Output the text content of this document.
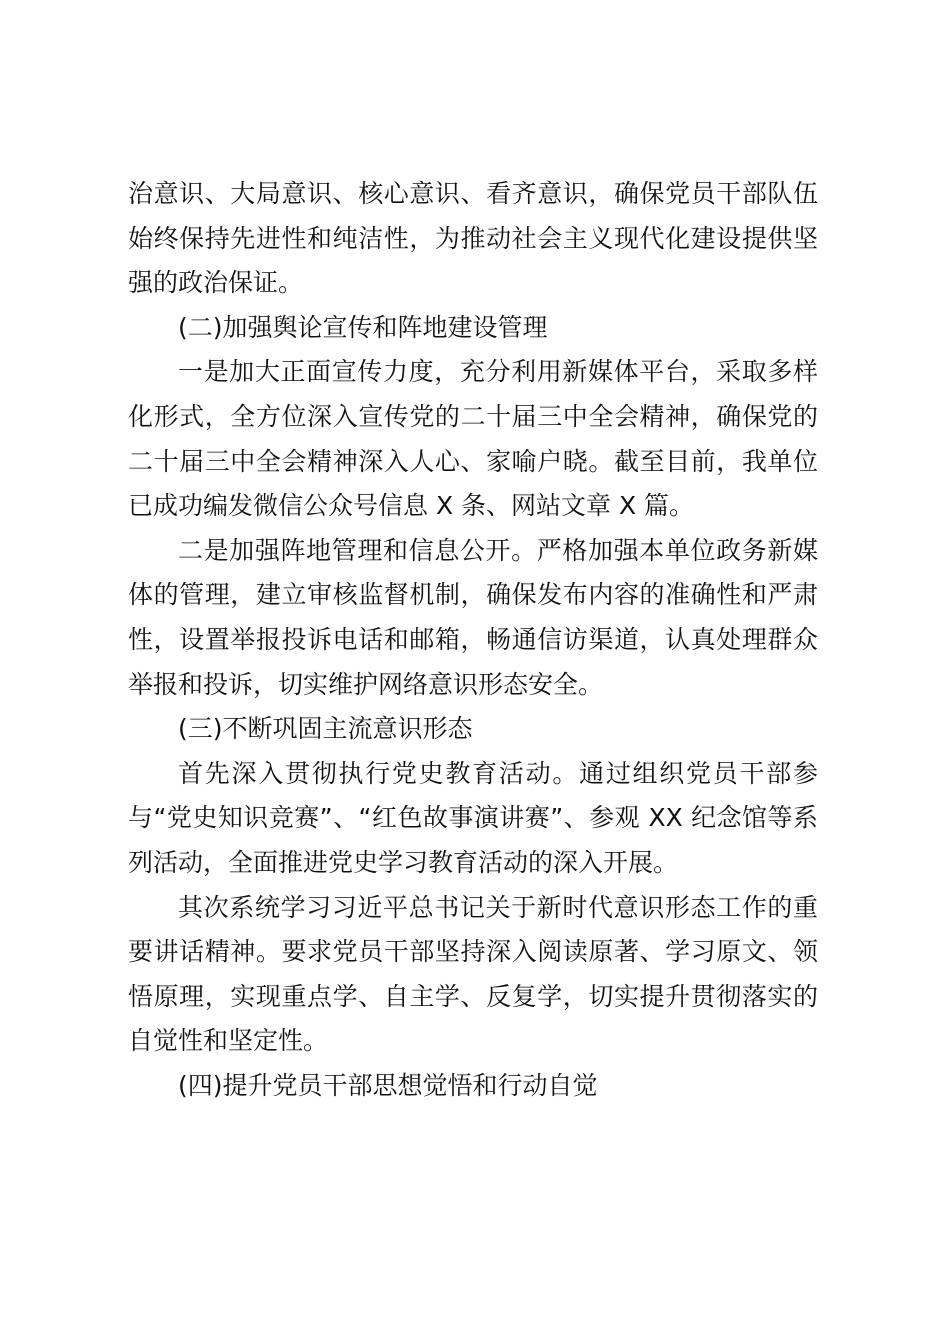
治意识、大局意识、核心意识、看齐意识，确保党员干部队伍始终保持先进性和纯洁性，为推动社会主义现代化建设提供坚强的政治保证。

(二)加强舆论宣传和阵地建设管理

一是加大正面宣传力度，充分利用新媒体平台，采取多样化形式，全方位深入宣传党的二十届三中全会精神，确保党的二十届三中全会精神深入人心、家喻户晓。截至目前，我单位已成功编发微信公众号信息 X 条、网站文章 X 篇。

二是加强阵地管理和信息公开。严格加强本单位政务新媒体的管理，建立审核监督机制，确保发布内容的准确性和严肃性，设置举报投诉电话和邮箱，畅通信访渠道，认真处理群众举报和投诉，切实维护网络意识形态安全。

(三)不断巩固主流意识形态

首先深入贯彻执行党史教育活动。通过组织党员干部参与“党史知识竞赛”、“红色故事演讲赛”、参观 XX 纪念馆等系列活动，全面推进党史学习教育活动的深入开展。

其次系统学习习近平总书记关于新时代意识形态工作的重要讲话精神。要求党员干部坚持深入阅读原著、学习原文、领悟原理，实现重点学、自主学、反复学，切实提升贯彻落实的自觉性和坚定性。

(四)提升党员干部思想觉悟和行动自觉
